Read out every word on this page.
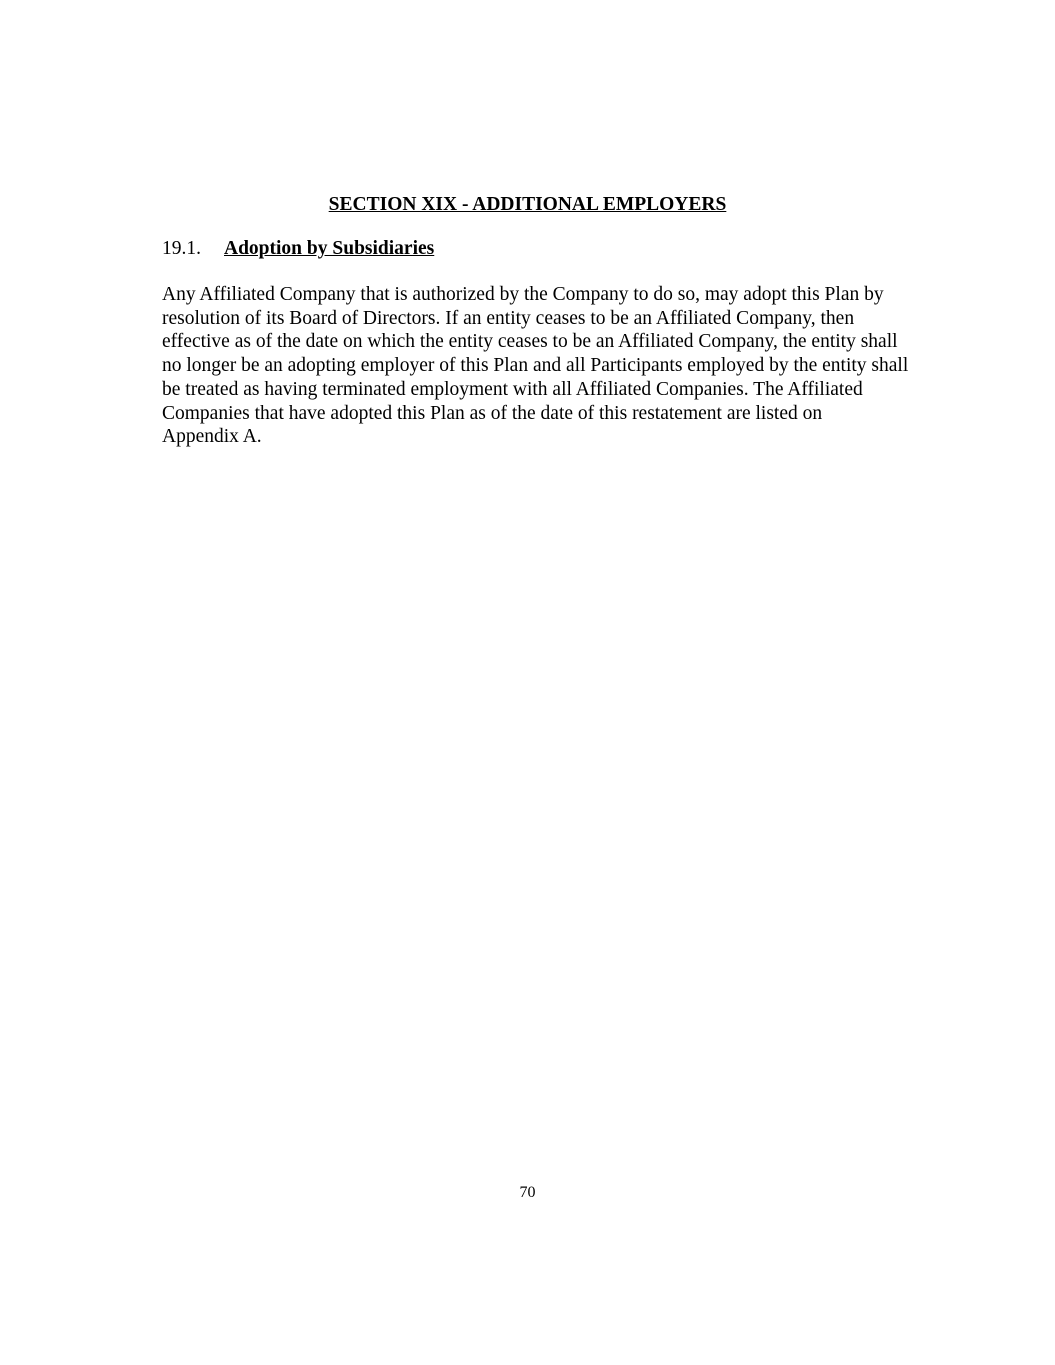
SECTION XIX - ADDITIONAL EMPLOYERS
19.1. Adoption by Subsidiaries
Any Affiliated Company that is authorized by the Company to do so, may adopt this Plan by
resolution of its Board of Directors. If an entity ceases to be an Affiliated Company, then
effective as of the date on which the entity ceases to be an Affiliated Company, the entity shall
no longer be an adopting employer of this Plan and all Participants employed by the entity shall
be treated as having terminated employment with all Affiliated Companies. The Affiliated
Companies that have adopted this Plan as of the date of this restatement are listed on
Appendix A.
70
